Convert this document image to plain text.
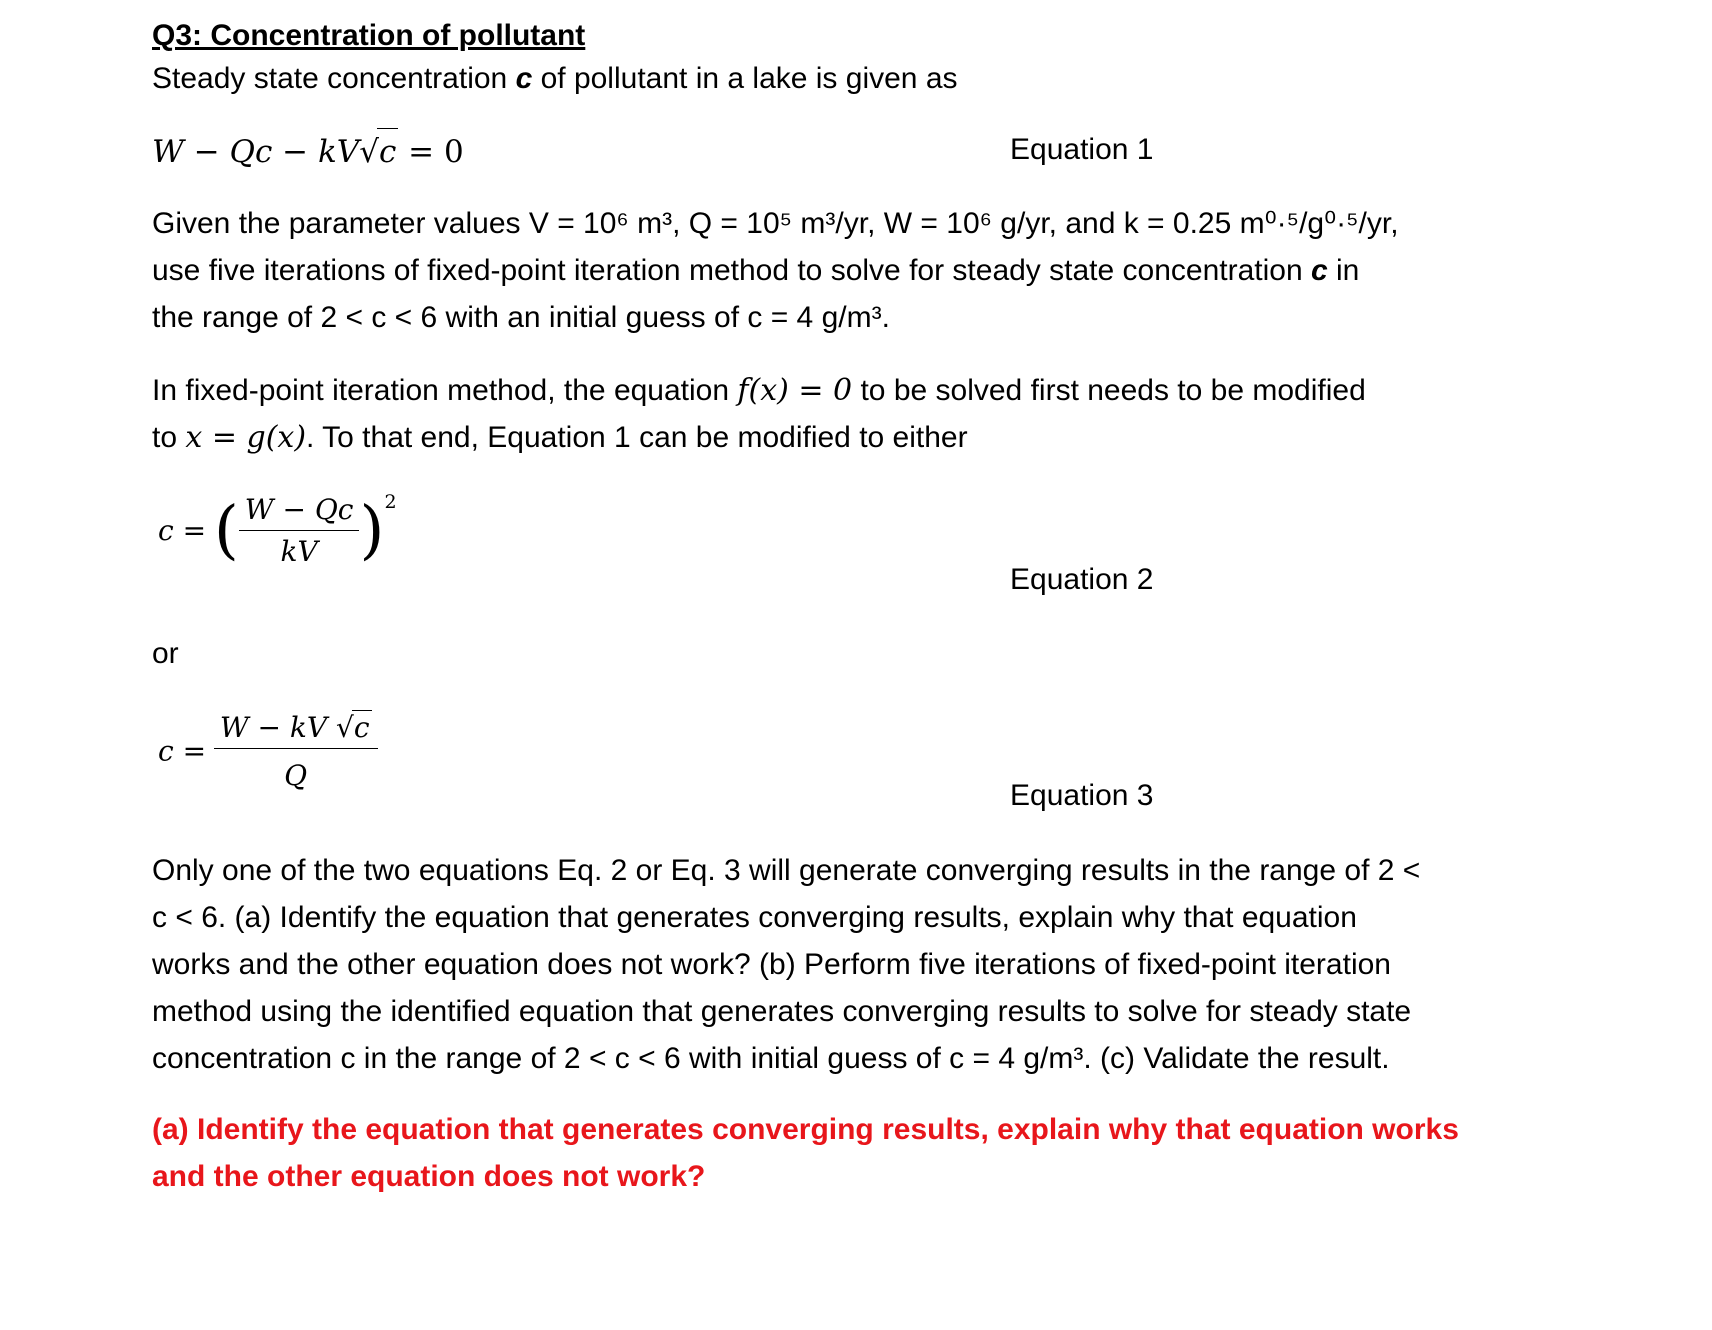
Q3: Concentration of pollutant
Steady state concentration c of pollutant in a lake is given as
W − Qc − kV√c = 0	Equation 1
Given the parameter values V = 10⁶ m³, Q = 10⁵ m³/yr, W = 10⁶ g/yr, and k = 0.25 m⁰·⁵/g⁰·⁵/yr,
use five iterations of fixed-point iteration method to solve for steady state concentration c in
the range of 2 < c < 6 with an initial guess of c = 4 g/m³.
In fixed-point iteration method, the equation f(x) = 0 to be solved first needs to be modified
to x = g(x). To that end, Equation 1 can be modified to either
c = ( $\frac{W - Qc}{kV} )^2$
Equation 2
or
$c = \frac{W - kV √c}{Q}$
Equation 3
Only one of the two equations Eq. 2 or Eq. 3 will generate converging results in the range of 2 <
c < 6. (a) Identify the equation that generates converging results, explain why that equation
works and the other equation does not work? (b) Perform five iterations of fixed-point iteration
method using the identified equation that generates converging results to solve for steady state
concentration c in the range of 2 < c < 6 with initial guess of c = 4 g/m³. (c) Validate the result.
(a) Identify the equation that generates converging results, explain why that equation works
and the other equation does not work?
